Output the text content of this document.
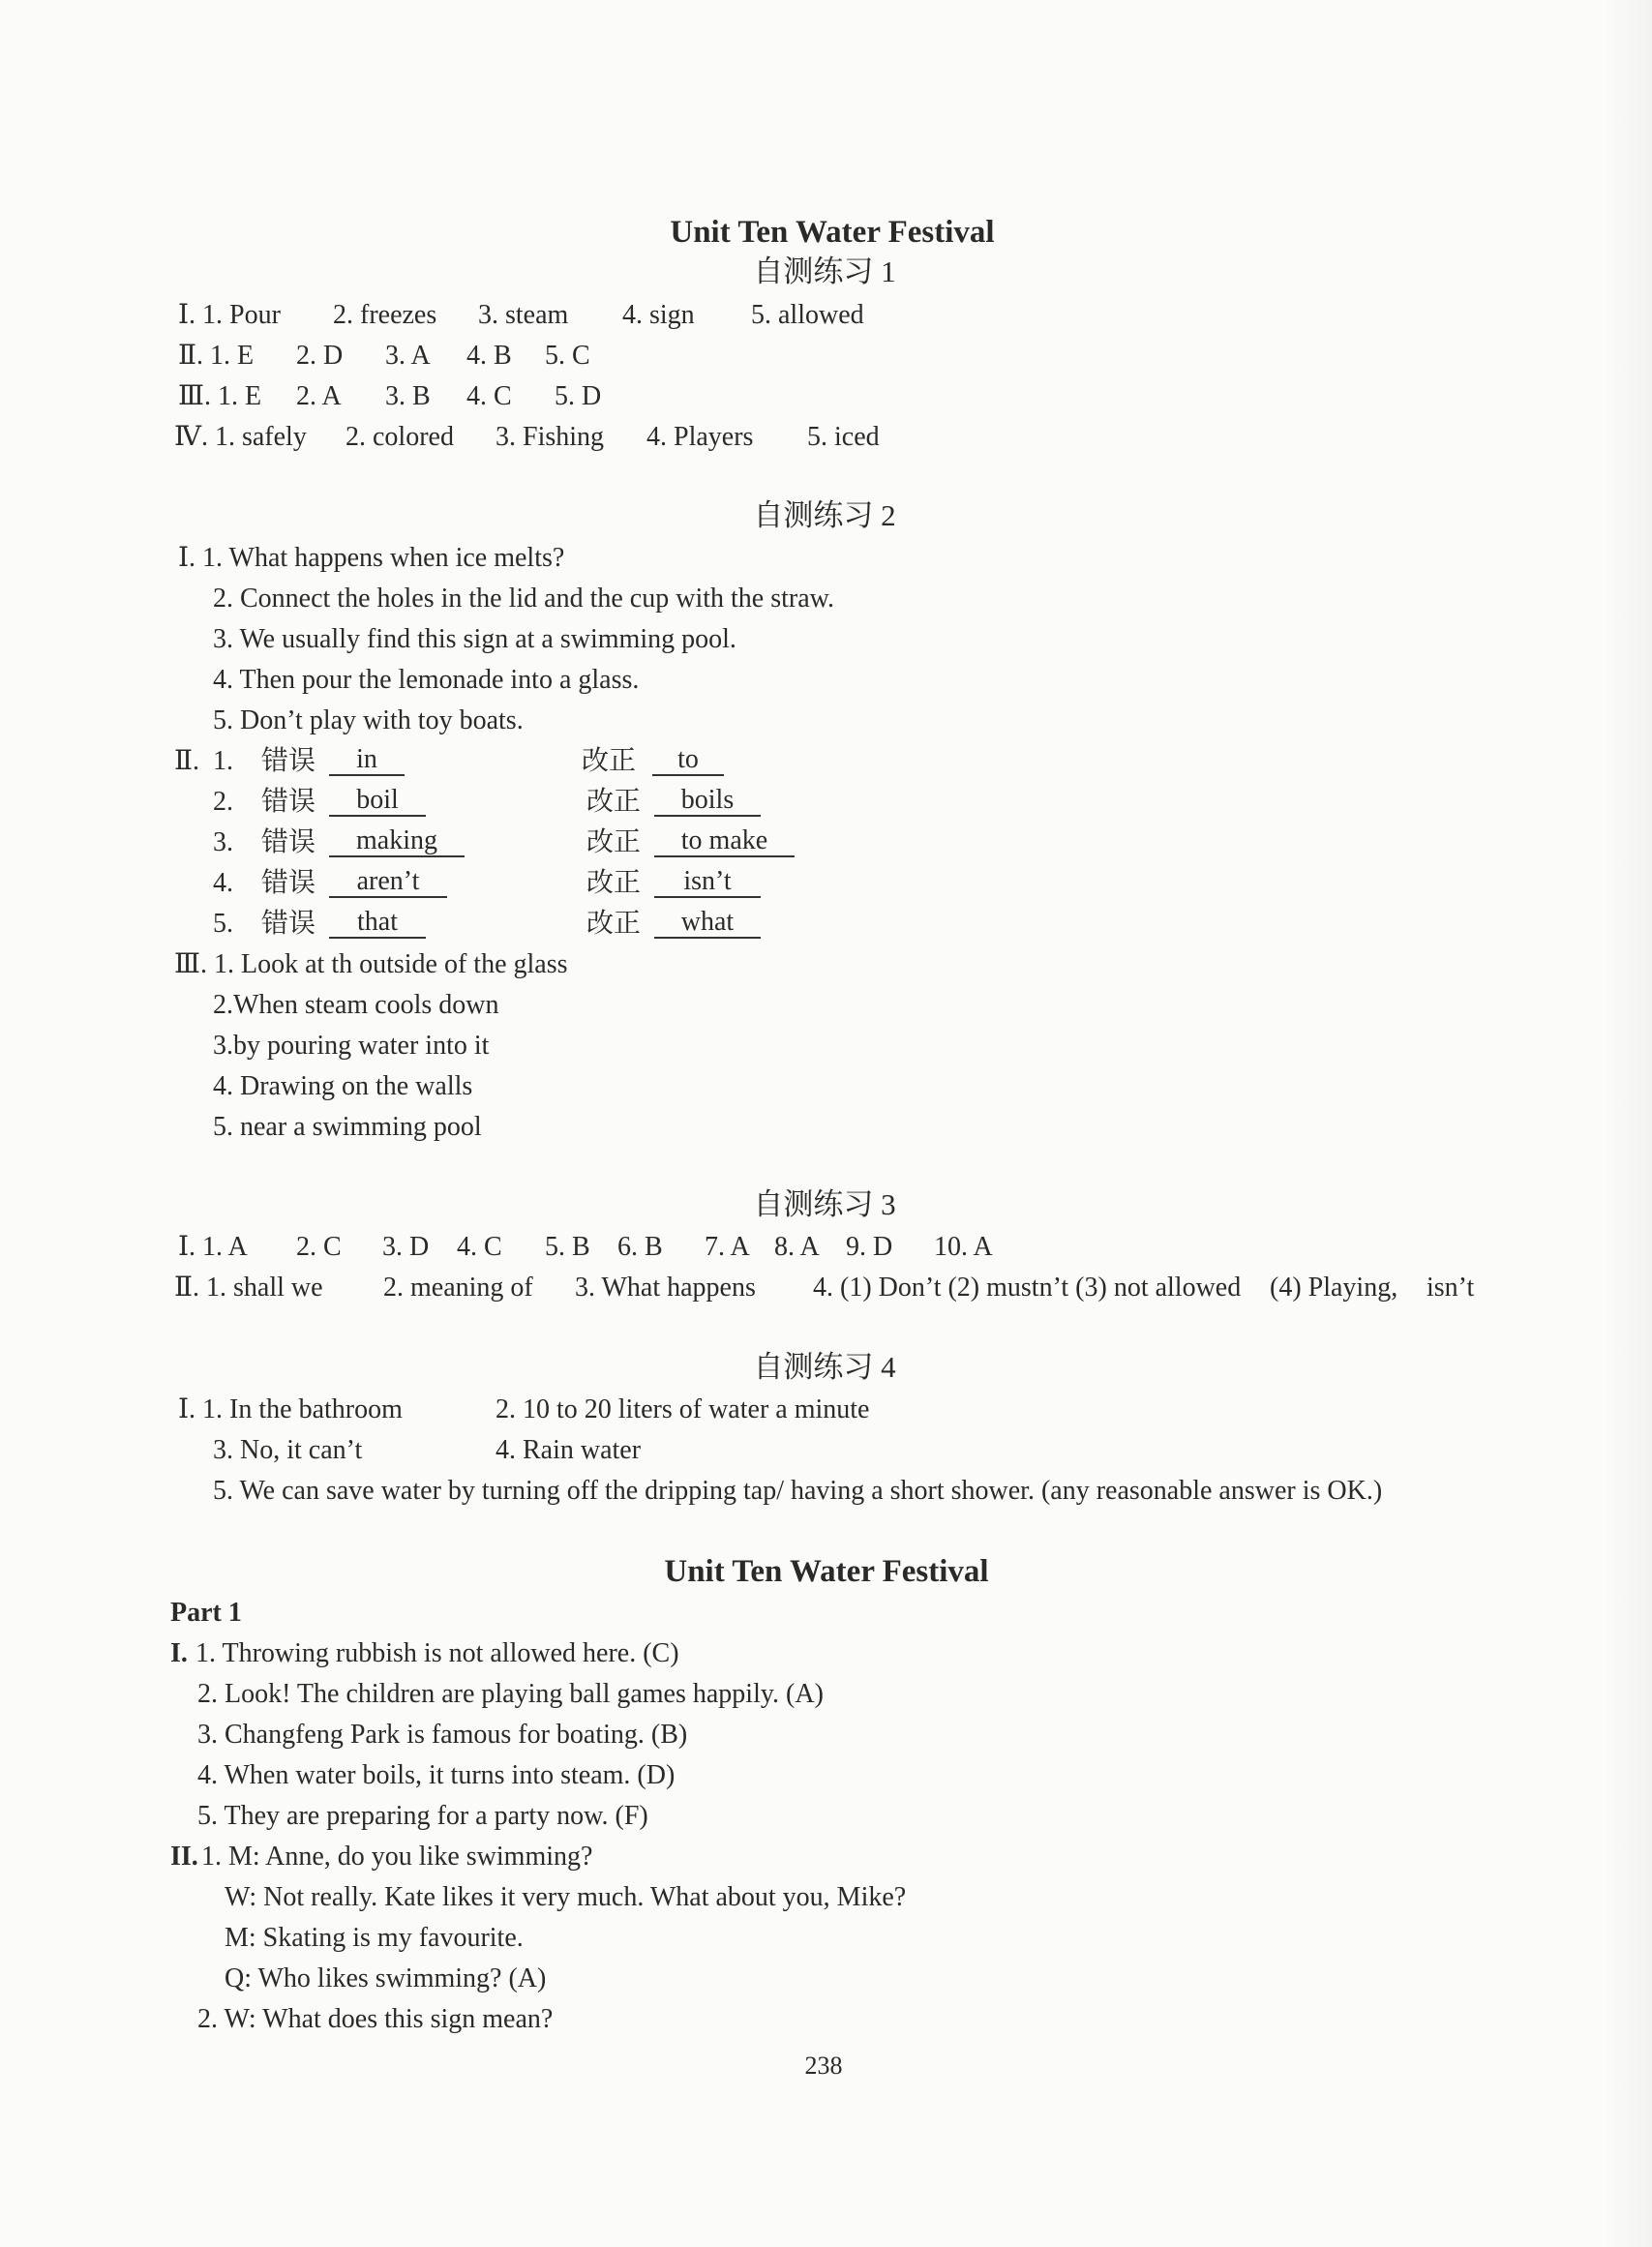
Unit Ten Water Festival
自测练习 1
Ⅰ. 1. Pour 2. freezes 3. steam 4. sign 5. allowed
Ⅱ. 1. E 2. D 3. A 4. B 5. C
Ⅲ. 1. E 2. A 3. B 4. C 5. D
Ⅳ. 1. safely 2. colored 3. Fishing 4. Players 5. iced
自测练习 2
Ⅰ. 1. What happens when ice melts?
2. Connect the holes in the lid and the cup with the straw.
3. We usually find this sign at a swimming pool.
4. Then pour the lemonade into a glass.
5. Don’t play with toy boats.
Ⅱ. 1. 错误	in	改正	to
2. 错误	boil	改正	boils
3. 错误	making	改正	to make
4. 错误	aren’t	改正	isn’t
5. 错误	that	改正	what
Ⅲ. 1. Look at th outside of the glass
2.When steam cools down
3.by pouring water into it
4. Drawing on the walls
5. near a swimming pool
自测练习 3
Ⅰ. 1. A 2. C 3. D 4. C 5. B 6. B 7. A 8. A 9. D 10. A
Ⅱ. 1. shall we 2. meaning of 3. What happens 4. (1) Don’t (2) mustn’t (3) not allowed (4) Playing, isn’t
自测练习 4
Ⅰ. 1. In the bathroom	2. 10 to 20 liters of water a minute
3. No, it can’t	4. Rain water
5. We can save water by turning off the dripping tap/ having a short shower. (any reasonable answer is OK.)
Unit Ten Water Festival
Part 1
I. 1. Throwing rubbish is not allowed here. (C)
2. Look! The children are playing ball games happily. (A)
3. Changfeng Park is famous for boating. (B)
4. When water boils, it turns into steam. (D)
5. They are preparing for a party now. (F)
II. 1. M: Anne, do you like swimming?
W: Not really. Kate likes it very much. What about you, Mike?
M: Skating is my favourite.
Q: Who likes swimming? (A)
2. W: What does this sign mean?
238
